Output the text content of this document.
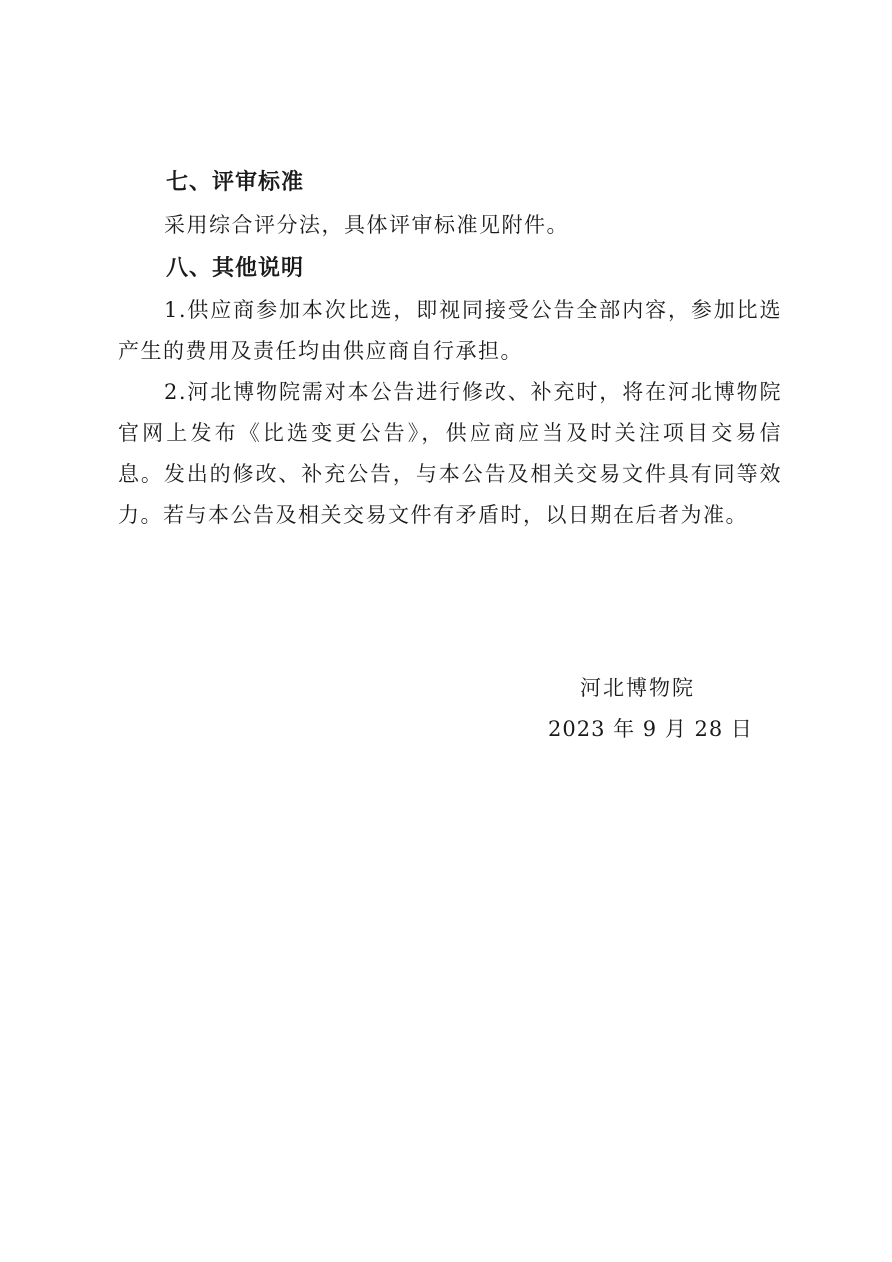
七、评审标准
采用综合评分法，具体评审标准见附件。
八、其他说明
1.供应商参加本次比选，即视同接受公告全部内容，参加比选产生的费用及责任均由供应商自行承担。
2.河北博物院需对本公告进行修改、补充时，将在河北博物院官网上发布《比选变更公告》，供应商应当及时关注项目交易信息。发出的修改、补充公告，与本公告及相关交易文件具有同等效力。若与本公告及相关交易文件有矛盾时，以日期在后者为准。
河北博物院
2023 年 9 月 28 日
